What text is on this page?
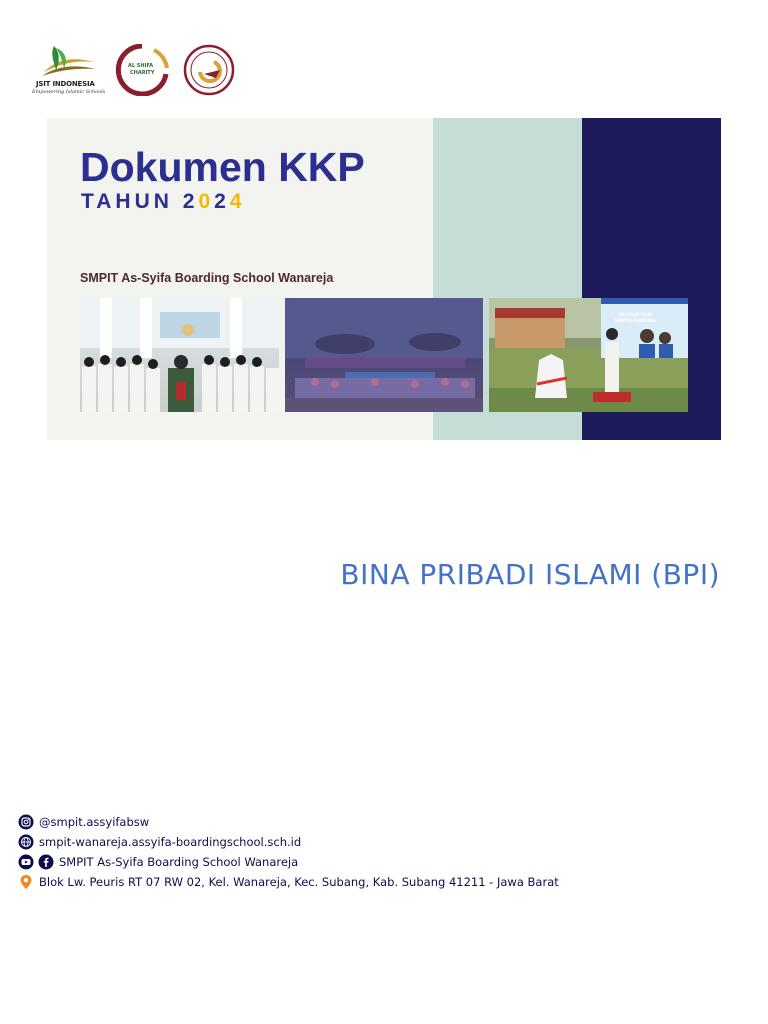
JSIT INDONESIA
Empowering Islamic Schools
AL SHIFA
CHARITY
Dokumen KKP
TAHUN 2024
SMPIT As-Syifa Boarding School Wanareja
SELAMAT HARI
SANTRI NASIONAL
BINA PRIBADI ISLAMI (BPI)
@smpit.assyifabsw
smpit-wanareja.assyifa-boardingschool.sch.id
SMPIT As-Syifa Boarding School Wanareja
Blok Lw. Peuris RT 07 RW 02, Kel. Wanareja, Kec. Subang, Kab. Subang 41211 - Jawa Barat
